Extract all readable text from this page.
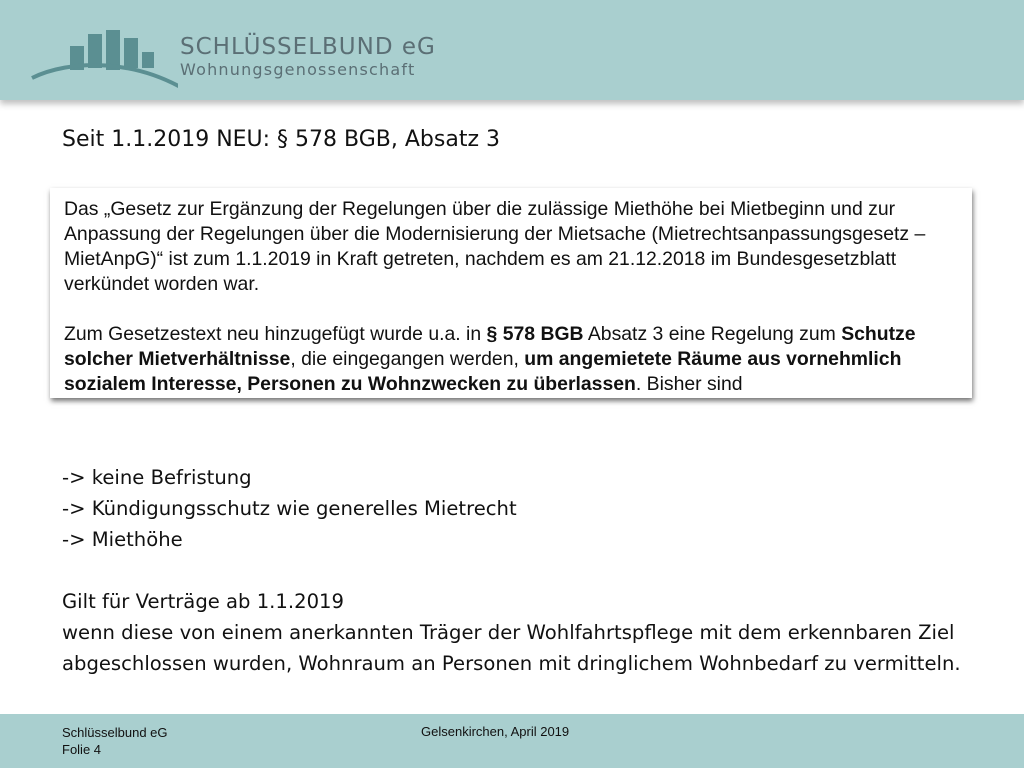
SCHLÜSSELBUND eG
Wohnungsgenossenschaft
Seit 1.1.2019 NEU: § 578 BGB, Absatz 3

Das „Gesetz zur Ergänzung der Regelungen über die zulässige Miethöhe bei Mietbeginn und zur Anpassung der Regelungen über die Modernisierung der Mietsache (Mietrechtsanpassungsgesetz – MietAnpG)“ ist zum 1.1.2019 in Kraft getreten, nachdem es am 21.12.2018 im Bundesgesetzblatt verkündet worden war.

Zum Gesetzestext neu hinzugefügt wurde u.a. in § 578 BGB Absatz 3 eine Regelung zum Schutze solcher Mietverhältnisse, die eingegangen werden, um angemietete Räume aus vornehmlich sozialem Interesse, Personen zu Wohnzwecken zu überlassen. Bisher sind

-> keine Befristung
-> Kündigungsschutz wie generelles Mietrecht
-> Miethöhe
Gilt für Verträge ab 1.1.2019
wenn diese von einem anerkannten Träger der Wohlfahrtspflege mit dem erkennbaren Ziel abgeschlossen wurden, Wohnraum an Personen mit dringlichem Wohnbedarf zu vermitteln.
Schlüsselbund eG
Folie 4
Gelsenkirchen, April 2019
